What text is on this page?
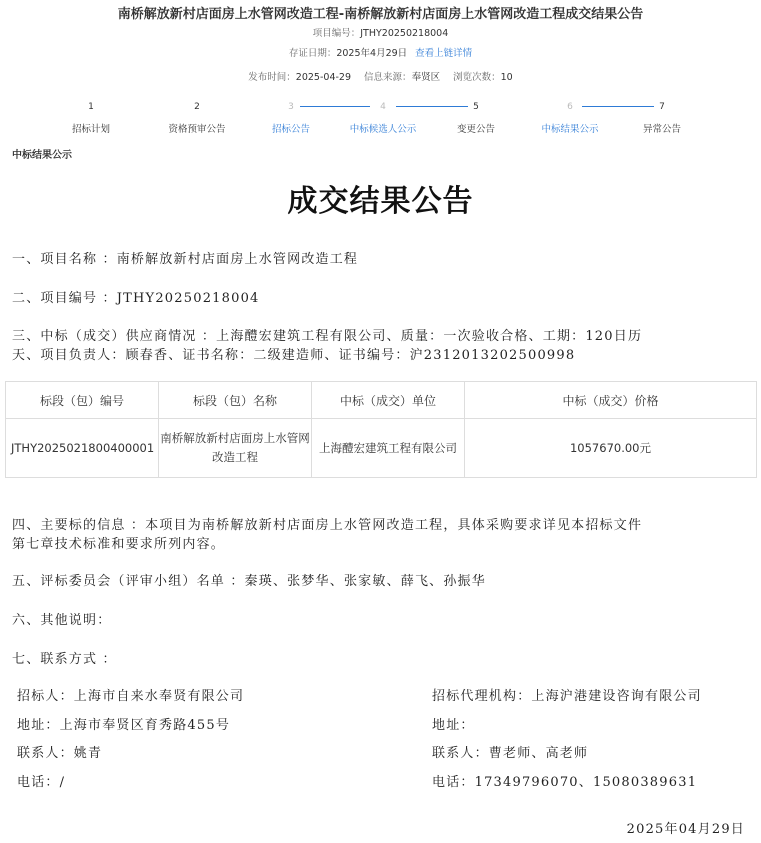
南桥解放新村店面房上水管网改造工程-南桥解放新村店面房上水管网改造工程成交结果公告
项目编号：JTHY20250218004
存证日期：2025年4月29日 查看上链详情
发布时间：2025-04-29 信息来源：奉贤区 浏览次数：10
1
招标计划
2
资格预审公告
3
招标公告
4
中标候选人公示
5
变更公告
6
中标结果公示
7
异常公告
中标结果公示
成交结果公告
一、项目名称 ：南桥解放新村店面房上水管网改造工程
二、项目编号 ：JTHY20250218004
三、中标（成交）供应商情况 ：上海醴宏建筑工程有限公司、质量：一次验收合格、工期：120日历
天、项目负责人：顾春香、证书名称：二级建造师、证书编号：沪2312013202500998
标段（包）编号	标段（包）名称	中标（成交）单位	中标（成交）价格
JTHY2025021800400001	南桥解放新村店面房上水管网改造工程	上海醴宏建筑工程有限公司	1057670.00元
四、主要标的信息 ：本项目为南桥解放新村店面房上水管网改造工程，具体采购要求详见本招标文件
第七章技术标准和要求所列内容。
五、评标委员会（评审小组）名单 ：秦瑛、张梦华、张家敏、薛飞、孙振华
六、其他说明：
七、联系方式 ：
招标人：上海市自来水奉贤有限公司
地址：上海市奉贤区育秀路455号
联系人：姚青
电话：/
招标代理机构：上海沪港建设咨询有限公司
地址：
联系人：曹老师、高老师
电话：17349796070、15080389631
2025年04月29日
